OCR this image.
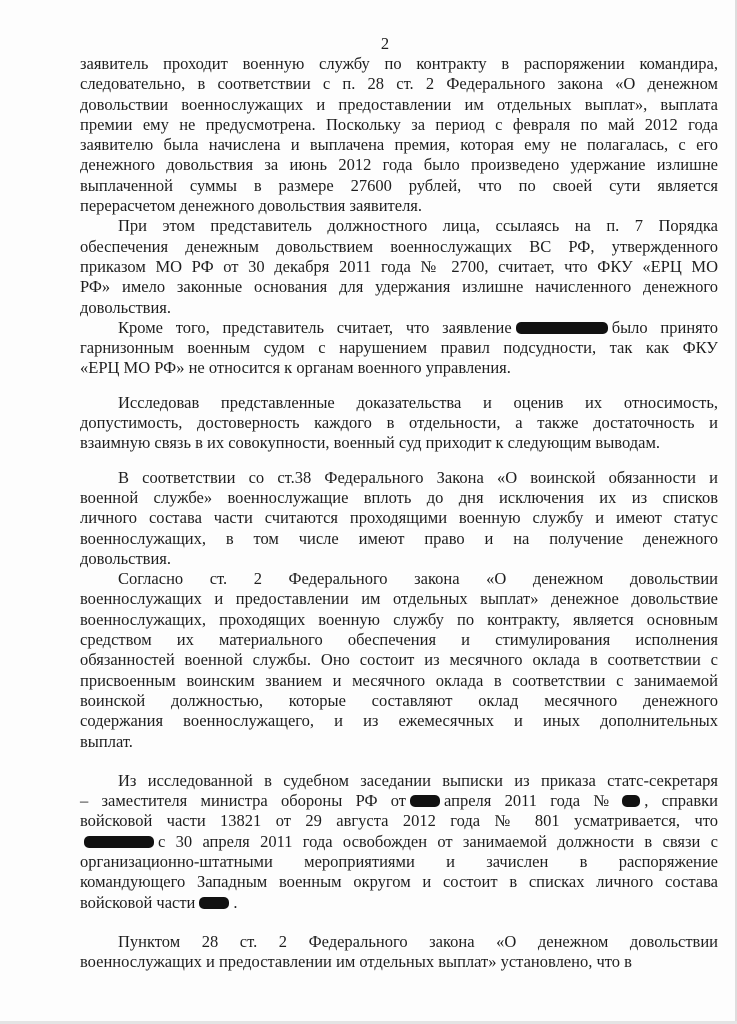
2
заявитель проходит военную службу по контракту в распоряжении командира,
следовательно, в соответствии с п. 28 ст. 2 Федерального закона «О денежном
довольствии военнослужащих и предоставлении им отдельных выплат», выплата
премии ему не предусмотрена. Поскольку за период с февраля по май 2012 года
заявителю была начислена и выплачена премия, которая ему не полагалась, с его
денежного довольствия за июнь 2012 года было произведено удержание излишне
выплаченной суммы в размере 27600 рублей, что по своей сути является
перерасчетом денежного довольствия заявителя.
При этом представитель должностного лица, ссылаясь на п. 7 Порядка
обеспечения денежным довольствием военнослужащих ВС РФ, утвержденного
приказом МО РФ от 30 декабря 2011 года № 2700, считает, что ФКУ «ЕРЦ МО
РФ» имело законные основания для удержания излишне начисленного денежного
довольствия.
Кроме того, представитель считает, что заявление	было принято
гарнизонным военным судом с нарушением правил подсудности, так как ФКУ
«ЕРЦ МО РФ» не относится к органам военного управления.
Исследовав представленные доказательства и оценив их относимость,
допустимость, достоверность каждого в отдельности, а также достаточность и
взаимную связь в их совокупности, военный суд приходит к следующим выводам.
В соответствии со ст.38 Федерального Закона «О воинской обязанности и
военной службе» военнослужащие вплоть до дня исключения их из списков
личного состава части считаются проходящими военную службу и имеют статус
военнослужащих, в том числе имеют право и на получение денежного
довольствия.
Согласно ст. 2 Федерального закона «О денежном довольствии
военнослужащих и предоставлении им отдельных выплат» денежное довольствие
военнослужащих, проходящих военную службу по контракту, является основным
средством их материального обеспечения и стимулирования исполнения
обязанностей военной службы. Оно состоит из месячного оклада в соответствии с
присвоенным воинским званием и месячного оклада в соответствии с занимаемой
воинской должностью, которые составляют оклад месячного денежного
содержания военнослужащего, и из ежемесячных и иных дополнительных
выплат.
Из исследованной в судебном заседании выписки из приказа статс-секретаря
– заместителя министра обороны РФ от апреля 2011 года № , справки
войсковой части 13821 от 29 августа 2012 года № 801 усматривается, что
с 30 апреля 2011 года освобожден от занимаемой должности в связи с
организационно-штатными мероприятиями и зачислен в распоряжение
командующего Западным военным округом и состоит в списках личного состава
войсковой части .
Пунктом 28 ст. 2 Федерального закона «О денежном довольствии
военнослужащих и предоставлении им отдельных выплат» установлено, что в
